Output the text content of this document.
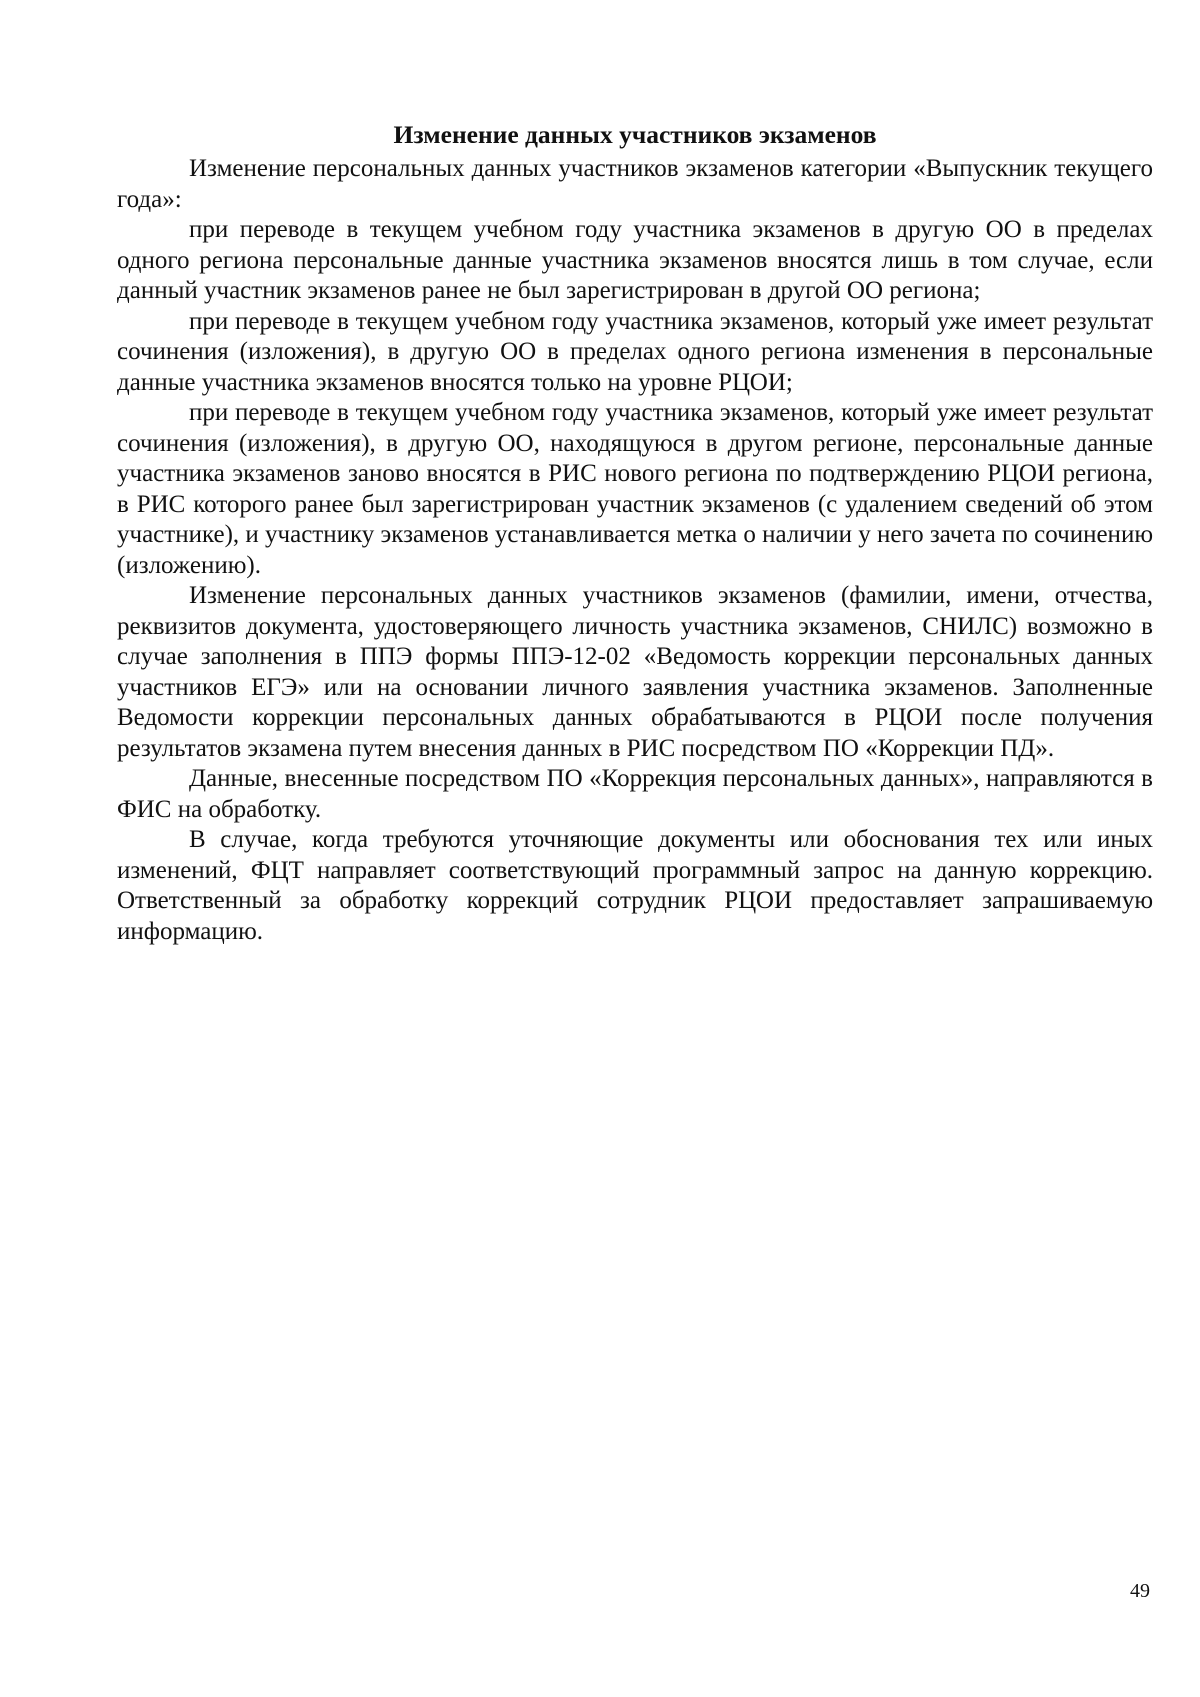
Изменение данных участников экзаменов

Изменение персональных данных участников экзаменов категории «Выпускник текущего года»:

при переводе в текущем учебном году участника экзаменов в другую ОО в пределах одного региона персональные данные участника экзаменов вносятся лишь в том случае, если данный участник экзаменов ранее не был зарегистрирован в другой ОО региона;

при переводе в текущем учебном году участника экзаменов, который уже имеет результат сочинения (изложения), в другую ОО в пределах одного региона изменения в персональные данные участника экзаменов вносятся только на уровне РЦОИ;

при переводе в текущем учебном году участника экзаменов, который уже имеет результат сочинения (изложения), в другую ОО, находящуюся в другом регионе, персональные данные участника экзаменов заново вносятся в РИС нового региона по подтверждению РЦОИ региона, в РИС которого ранее был зарегистрирован участник экзаменов (с удалением сведений об этом участнике), и участнику экзаменов устанавливается метка о наличии у него зачета по сочинению (изложению).

Изменение персональных данных участников экзаменов (фамилии, имени, отчества, реквизитов документа, удостоверяющего личность участника экзаменов, СНИЛС) возможно в случае заполнения в ППЭ формы ППЭ-12-02 «Ведомость коррекции персональных данных участников ЕГЭ» или на основании личного заявления участника экзаменов. Заполненные Ведомости коррекции персональных данных обрабатываются в РЦОИ после получения результатов экзамена путем внесения данных в РИС посредством ПО «Коррекции ПД».

Данные, внесенные посредством ПО «Коррекция персональных данных», направляются в ФИС на обработку.

В случае, когда требуются уточняющие документы или обоснования тех или иных изменений, ФЦТ направляет соответствующий программный запрос на данную коррекцию. Ответственный за обработку коррекций сотрудник РЦОИ предоставляет запрашиваемую информацию.

49
